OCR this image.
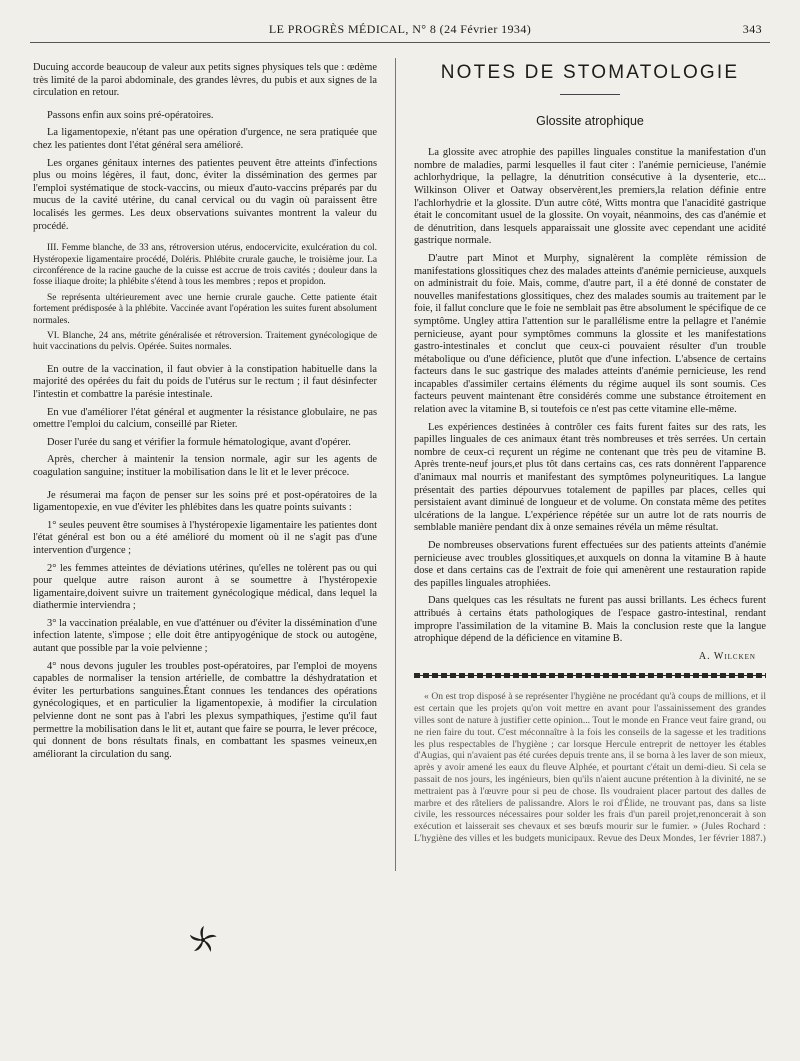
LE PROGRÈS MÉDICAL, N° 8 (24 Février 1934)	343

Ducuing accorde beaucoup de valeur aux petits signes physiques tels que : œdème très limité de la paroi abdominale, des grandes lèvres, du pubis et aux signes de la circulation en retour.

Passons enfin aux soins pré-opératoires.

La ligamentopexie, n'étant pas une opération d'urgence, ne sera pratiquée que chez les patientes dont l'état général sera amélioré.

Les organes génitaux internes des patientes peuvent être atteints d'infections plus ou moins légères, il faut, donc, éviter la dissémination des germes par l'emploi systématique de stock-vaccins, ou mieux d'auto-vaccins préparés par du mucus de la cavité utérine, du canal cervical ou du vagin où paraissent être localisés les germes. Les deux observations suivantes montrent la valeur du procédé.

III. Femme blanche, de 33 ans, rétroversion utérus, endocervicite, exulcération du col. Hystéropexie ligamentaire procédé, Doléris. Phlébite crurale gauche, le troisième jour. La circonférence de la racine gauche de la cuisse est accrue de trois cavités ; douleur dans la fosse iliaque droite; la phlébite s'étend à tous les membres ; repos et propidon.

Se représenta ultérieurement avec une hernie crurale gauche. Cette patiente était fortement prédisposée à la phlébite. Vaccinée avant l'opération les suites furent absolument normales.

VI. Blanche, 24 ans, métrite généralisée et rétroversion. Traitement gynécologique de huit vaccinations du pelvis. Opérée. Suites normales.

En outre de la vaccination, il faut obvier à la constipation habituelle dans la majorité des opérées du fait du poids de l'utérus sur le rectum ; il faut désinfecter l'intestin et combattre la parésie intestinale.

En vue d'améliorer l'état général et augmenter la résistance globulaire, ne pas omettre l'emploi du calcium, conseillé par Rieter.

Doser l'urée du sang et vérifier la formule hématologique, avant d'opérer.

Après, chercher à maintenir la tension normale, agir sur les agents de coagulation sanguine; instituer la mobilisation dans le lit et le lever précoce.

Je résumerai ma façon de penser sur les soins pré et post-opératoires de la ligamentopexie, en vue d'éviter les phlébites dans les quatre points suivants :

1° seules peuvent être soumises à l'hystéropexie ligamentaire les patientes dont l'état général est bon ou a été amélioré du moment où il ne s'agit pas d'une intervention d'urgence ;

2° les femmes atteintes de déviations utérines, qu'elles ne tolèrent pas ou qui pour quelque autre raison auront à se soumettre à l'hystéropexie ligamentaire,doivent suivre un traitement gynécologique médical, dans lequel la diathermie interviendra ;

3° la vaccination préalable, en vue d'atténuer ou d'éviter la dissémination d'une infection latente, s'impose ; elle doit être antipyogénique de stock ou autogène, autant que possible par la voie pelvienne ;

4° nous devons juguler les troubles post-opératoires, par l'emploi de moyens capables de normaliser la tension artérielle, de combattre la déshydratation et éviter les perturbations sanguines.Étant connues les tendances des opérations gynécologiques, et en particulier la ligamentopexie, à modifier la circulation pelvienne dont ne sont pas à l'abri les plexus sympathiques, j'estime qu'il faut permettre la mobilisation dans le lit et, autant que faire se pourra, le lever précoce, qui donnent de bons résultats finals, en combattant les spasmes veineux,en améliorant la circulation du sang.

NOTES DE STOMATOLOGIE
Glossite atrophique

La glossite avec atrophie des papilles linguales constitue la manifestation d'un nombre de maladies, parmi lesquelles il faut citer : l'anémie pernicieuse, l'anémie achlorhydrique, la pellagre, la dénutrition consécutive à la dysenterie, etc... Wilkinson Oliver et Oatway observèrent,les premiers,la relation définie entre l'achlorhydrie et la glossite. D'un autre côté, Witts montra que l'anacidité gastrique était le concomitant usuel de la glossite. On voyait, néanmoins, des cas d'anémie et de dénutrition, dans lesquels apparaissait une glossite avec cependant une acidité gastrique normale.

D'autre part Minot et Murphy, signalèrent la complète rémission de manifestations glossitiques chez des malades atteints d'anémie pernicieuse, auxquels on administrait du foie. Mais, comme, d'autre part, il a été donné de constater de nouvelles manifestations glossitiques, chez des malades soumis au traitement par le foie, il fallut conclure que le foie ne semblait pas être absolument le spécifique de ce symptôme. Ungley attira l'attention sur le parallélisme entre la pellagre et l'anémie pernicieuse, ayant pour symptômes communs la glossite et les manifestations gastro-intestinales et conclut que ceux-ci pouvaient résulter d'un trouble métabolique ou d'une déficience, plutôt que d'une infection. L'absence de certains facteurs dans le suc gastrique des malades atteints d'anémie pernicieuse, les rend incapables d'assimiler certains éléments du régime auquel ils sont soumis. Ces facteurs peuvent maintenant être considérés comme une substance étroitement en relation avec la vitamine B, si toutefois ce n'est pas cette vitamine elle-même.

Les expériences destinées à contrôler ces faits furent faites sur des rats, les papilles linguales de ces animaux étant très nombreuses et très serrées. Un certain nombre de ceux-ci reçurent un régime ne contenant que très peu de vitamine B. Après trente-neuf jours,et plus tôt dans certains cas, ces rats donnèrent l'apparence d'animaux mal nourris et manifestant des symptômes polyneuritiques. La langue présentait des parties dépourvues totalement de papilles par places, celles qui persistaient avant diminué de longueur et de volume. On constata même des petites ulcérations de la langue. L'expérience répétée sur un autre lot de rats nourris de semblable manière pendant dix à onze semaines révéla un même résultat.

De nombreuses observations furent effectuées sur des patients atteints d'anémie pernicieuse avec troubles glossitiques,et auxquels on donna la vitamine B à haute dose et dans certains cas de l'extrait de foie qui amenèrent une restauration rapide des papilles linguales atrophiées.

Dans quelques cas les résultats ne furent pas aussi brillants. Les échecs furent attribués à certains états pathologiques de l'espace gastro-intestinal, rendant impropre l'assimilation de la vitamine B. Mais la conclusion reste que la langue atrophique dépend de la déficience en vitamine B.

A. Wilcken

« On est trop disposé à se représenter l'hygiène ne procédant qu'à coups de millions, et il est certain que les projets qu'on voit mettre en avant pour l'assainissement des grandes villes sont de nature à justifier cette opinion... Tout le monde en France veut faire grand, ou ne rien faire du tout. C'est méconnaître à la fois les conseils de la sagesse et les traditions les plus respectables de l'hygiène ; car lorsque Hercule entreprit de nettoyer les étables d'Augias, qui n'avaient pas été curées depuis trente ans, il se borna à les laver de son mieux, après y avoir amené les eaux du fleuve Alphée, et pourtant c'était un demi-dieu. Si cela se passait de nos jours, les ingénieurs, bien qu'ils n'aient aucune prétention à la divinité, ne se mettraient pas à l'œuvre pour si peu de chose. Ils voudraient placer partout des dalles de marbre et des râteliers de palissandre. Alors le roi d'Élide, ne trouvant pas, dans sa liste civile, les ressources nécessaires pour solder les frais d'un pareil projet,renoncerait à son exécution et laisserait ses chevaux et ses bœufs mourir sur le fumier. » (Jules Rochard : L'hygiène des villes et les budgets municipaux. Revue des Deux Mondes, 1er février 1887.)
